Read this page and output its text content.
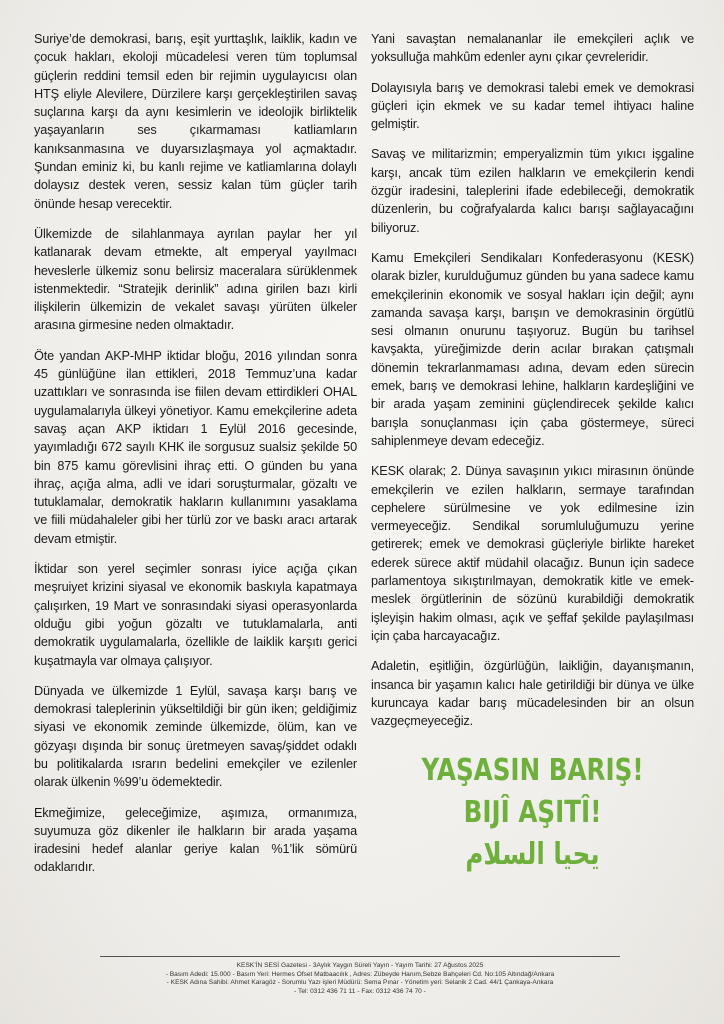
Suriye’de demokrasi, barış, eşit yurttaşlık, laiklik, kadın ve çocuk hakları, ekoloji mücadelesi veren tüm toplumsal güçlerin reddini temsil eden bir rejimin uygulayıcısı olan HTŞ eliyle Alevilere, Dürzilere karşı gerçekleştirilen savaş suçlarına karşı da aynı kesimlerin ve ideolojik birliktelik yaşayanların ses çıkarmaması katliamların kanıksanmasına ve duyarsızlaşmaya yol açmaktadır. Şundan eminiz ki, bu kanlı rejime ve katliamlarına dolaylı dolaysız destek veren, sessiz kalan tüm güçler tarih önünde hesap verecektir.

Ülkemizde de silahlanmaya ayrılan paylar her yıl katlanarak devam etmekte, alt emperyal yayılmacı heveslerle ülkemiz sonu belirsiz maceralara sürüklenmek istenmektedir. “Stratejik derinlik” adına girilen bazı kirli ilişkilerin ülkemizin de vekalet savaşı yürüten ülkeler arasına girmesine neden olmaktadır.

Öte yandan AKP-MHP iktidar bloğu, 2016 yılından sonra 45 günlüğüne ilan ettikleri, 2018 Temmuz’una kadar uzattıkları ve sonrasında ise fiilen devam ettirdikleri OHAL uygulamalarıyla ülkeyi yönetiyor. Kamu emekçilerine adeta savaş açan AKP iktidarı 1 Eylül 2016 gecesinde, yayımladığı 672 sayılı KHK ile sorgusuz sualsiz şekilde 50 bin 875 kamu görevlisini ihraç etti. O günden bu yana ihraç, açığa alma, adli ve idari soruşturmalar, gözaltı ve tutuklamalar, demokratik hakların kullanımını yasaklama ve fiili müdahaleler gibi her türlü zor ve baskı aracı artarak devam etmiştir.

İktidar son yerel seçimler sonrası iyice açığa çıkan meşruiyet krizini siyasal ve ekonomik baskıyla kapatmaya çalışırken, 19 Mart ve sonrasındaki siyasi operasyonlarda olduğu gibi yoğun gözaltı ve tutuklamalarla, anti demokratik uygulamalarla, özellikle de laiklik karşıtı gerici kuşatmayla var olmaya çalışıyor.

Dünyada ve ülkemizde 1 Eylül, savaşa karşı barış ve demokrasi taleplerinin yükseltildiği bir gün iken; geldiğimiz siyasi ve ekonomik zeminde ülkemizde, ölüm, kan ve gözyaşı dışında bir sonuç üretmeyen savaş/şiddet odaklı bu politikalarda ısrarın bedelini emekçiler ve ezilenler olarak ülkenin %99’u ödemektedir.

Ekmeğimize, geleceğimize, aşımıza, ormanımıza, suyumuza göz dikenler ile halkların bir arada yaşama iradesini hedef alanlar geriye kalan %1’lik sömürü odaklarıdır.

Yani savaştan nemalananlar ile emekçileri açlık ve yoksulluğa mahkûm edenler aynı çıkar çevreleridir.

Dolayısıyla barış ve demokrasi talebi emek ve demokrasi güçleri için ekmek ve su kadar temel ihtiyacı haline gelmiştir.

Savaş ve militarizmin; emperyalizmin tüm yıkıcı işgaline karşı, ancak tüm ezilen halkların ve emekçilerin kendi özgür iradesini, taleplerini ifade edebileceği, demokratik düzenlerin, bu coğrafyalarda kalıcı barışı sağlayacağını biliyoruz.

Kamu Emekçileri Sendikaları Konfederasyonu (KESK) olarak bizler, kurulduğumuz günden bu yana sadece kamu emekçilerinin ekonomik ve sosyal hakları için değil; aynı zamanda savaşa karşı, barışın ve demokrasinin örgütlü sesi olmanın onurunu taşıyoruz. Bugün bu tarihsel kavşakta, yüreğimizde derin acılar bırakan çatışmalı dönemin tekrarlanmaması adına, devam eden sürecin emek, barış ve demokrasi lehine, halkların kardeşliğini ve bir arada yaşam zeminini güçlendirecek şekilde kalıcı barışla sonuçlanması için çaba göstermeye, süreci sahiplenmeye devam edeceğiz.

KESK olarak; 2. Dünya savaşının yıkıcı mirasının önünde emekçilerin ve ezilen halkların, sermaye tarafından cephelere sürülmesine ve yok edilmesine izin vermeyeceğiz. Sendikal sorumluluğumuzu yerine getirerek; emek ve demokrasi güçleriyle birlikte hareket ederek sürece aktif müdahil olacağız. Bunun için sadece parlamentoya sıkıştırılmayan, demokratik kitle ve emek-meslek örgütlerinin de sözünü kurabildiği demokratik işleyişin hakim olması, açık ve şeffaf şekilde paylaşılması için çaba harcayacağız.

Adaletin, eşitliğin, özgürlüğün, laikliğin, dayanışmanın, insanca bir yaşamın kalıcı hale getirildiği bir dünya ve ülke kuruncaya kadar barış mücadelesinden bir an olsun vazgeçmeyeceğiz.

YAŞASIN BARIŞ!
BIJÎ AŞITÎ!
يحيا السلام
KESK’İN SESİ Gazetesi - 3Aylık Yaygın Süreli Yayın - Yayım Tarihi: 27 Ağustos 2025
- Basım Adedi: 15.000 - Basım Yeri: Hermes Ofset Matbaacılık , Adres: Zübeyde Hanım,Sebze Bahçeleri Cd. No:105 Altındağ/Ankara
- KESK Adına Sahibi: Ahmet Karagöz - Sorumlu Yazı işleri Müdürü: Sema Pınar - Yönetim yeri: Selanik 2 Cad. 44/1 Çankaya-Ankara
- Tel: 0312 436 71 11 - Fax: 0312 436 74 70 -
